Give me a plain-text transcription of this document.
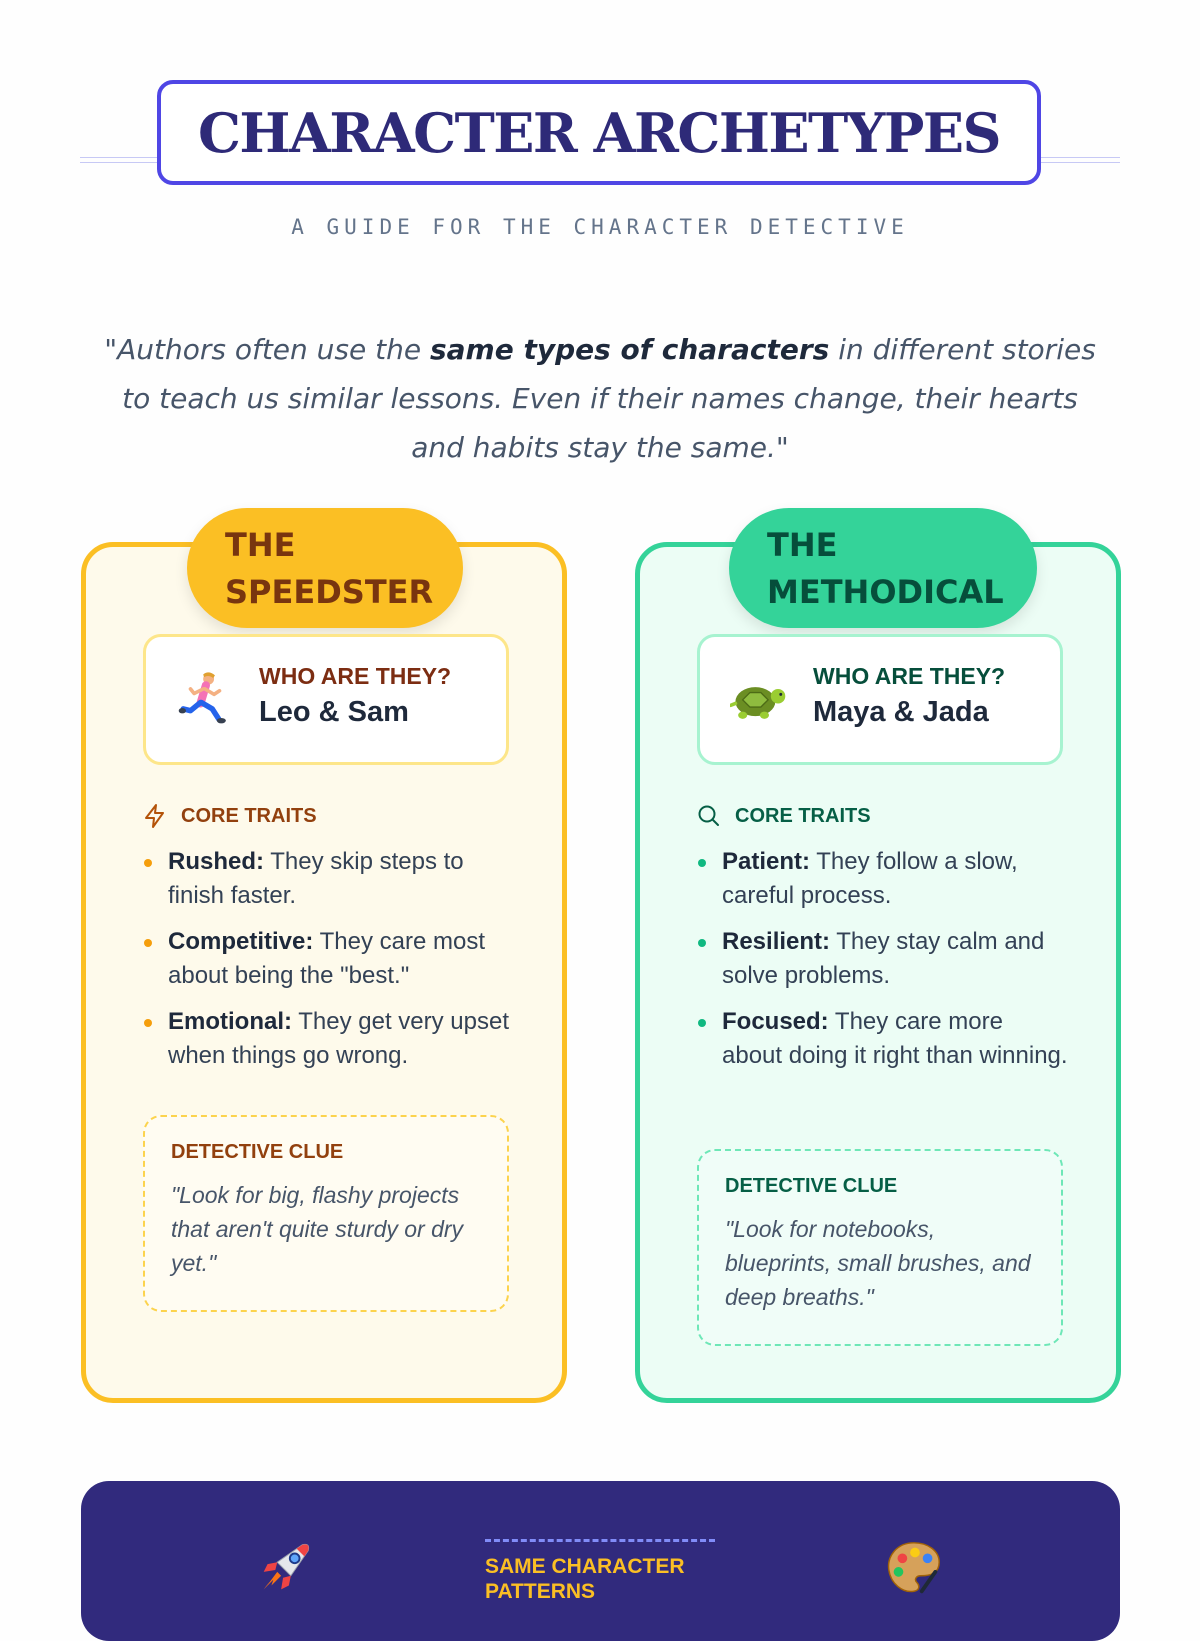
CHARACTER ARCHETYPES
A GUIDE FOR THE CHARACTER DETECTIVE

"Authors often use the same types of characters in different stories to teach us similar lessons. Even if their names change, their hearts and habits stay the same."

THE
SPEEDSTER
WHO ARE THEY?
Leo & Sam
CORE TRAITS
Rushed: They skip steps to finish faster.
Competitive: They care most about being the "best."
Emotional: They get very upset when things go wrong.
DETECTIVE CLUE
"Look for big, flashy projects that aren't quite sturdy or dry yet."
THE
METHODICAL
WHO ARE THEY?
Maya & Jada
CORE TRAITS
Patient: They follow a slow, careful process.
Resilient: They stay calm and solve problems.
Focused: They care more about doing it right than winning.
DETECTIVE CLUE
"Look for notebooks, blueprints, small brushes, and deep breaths."
SAME CHARACTER PATTERNS
